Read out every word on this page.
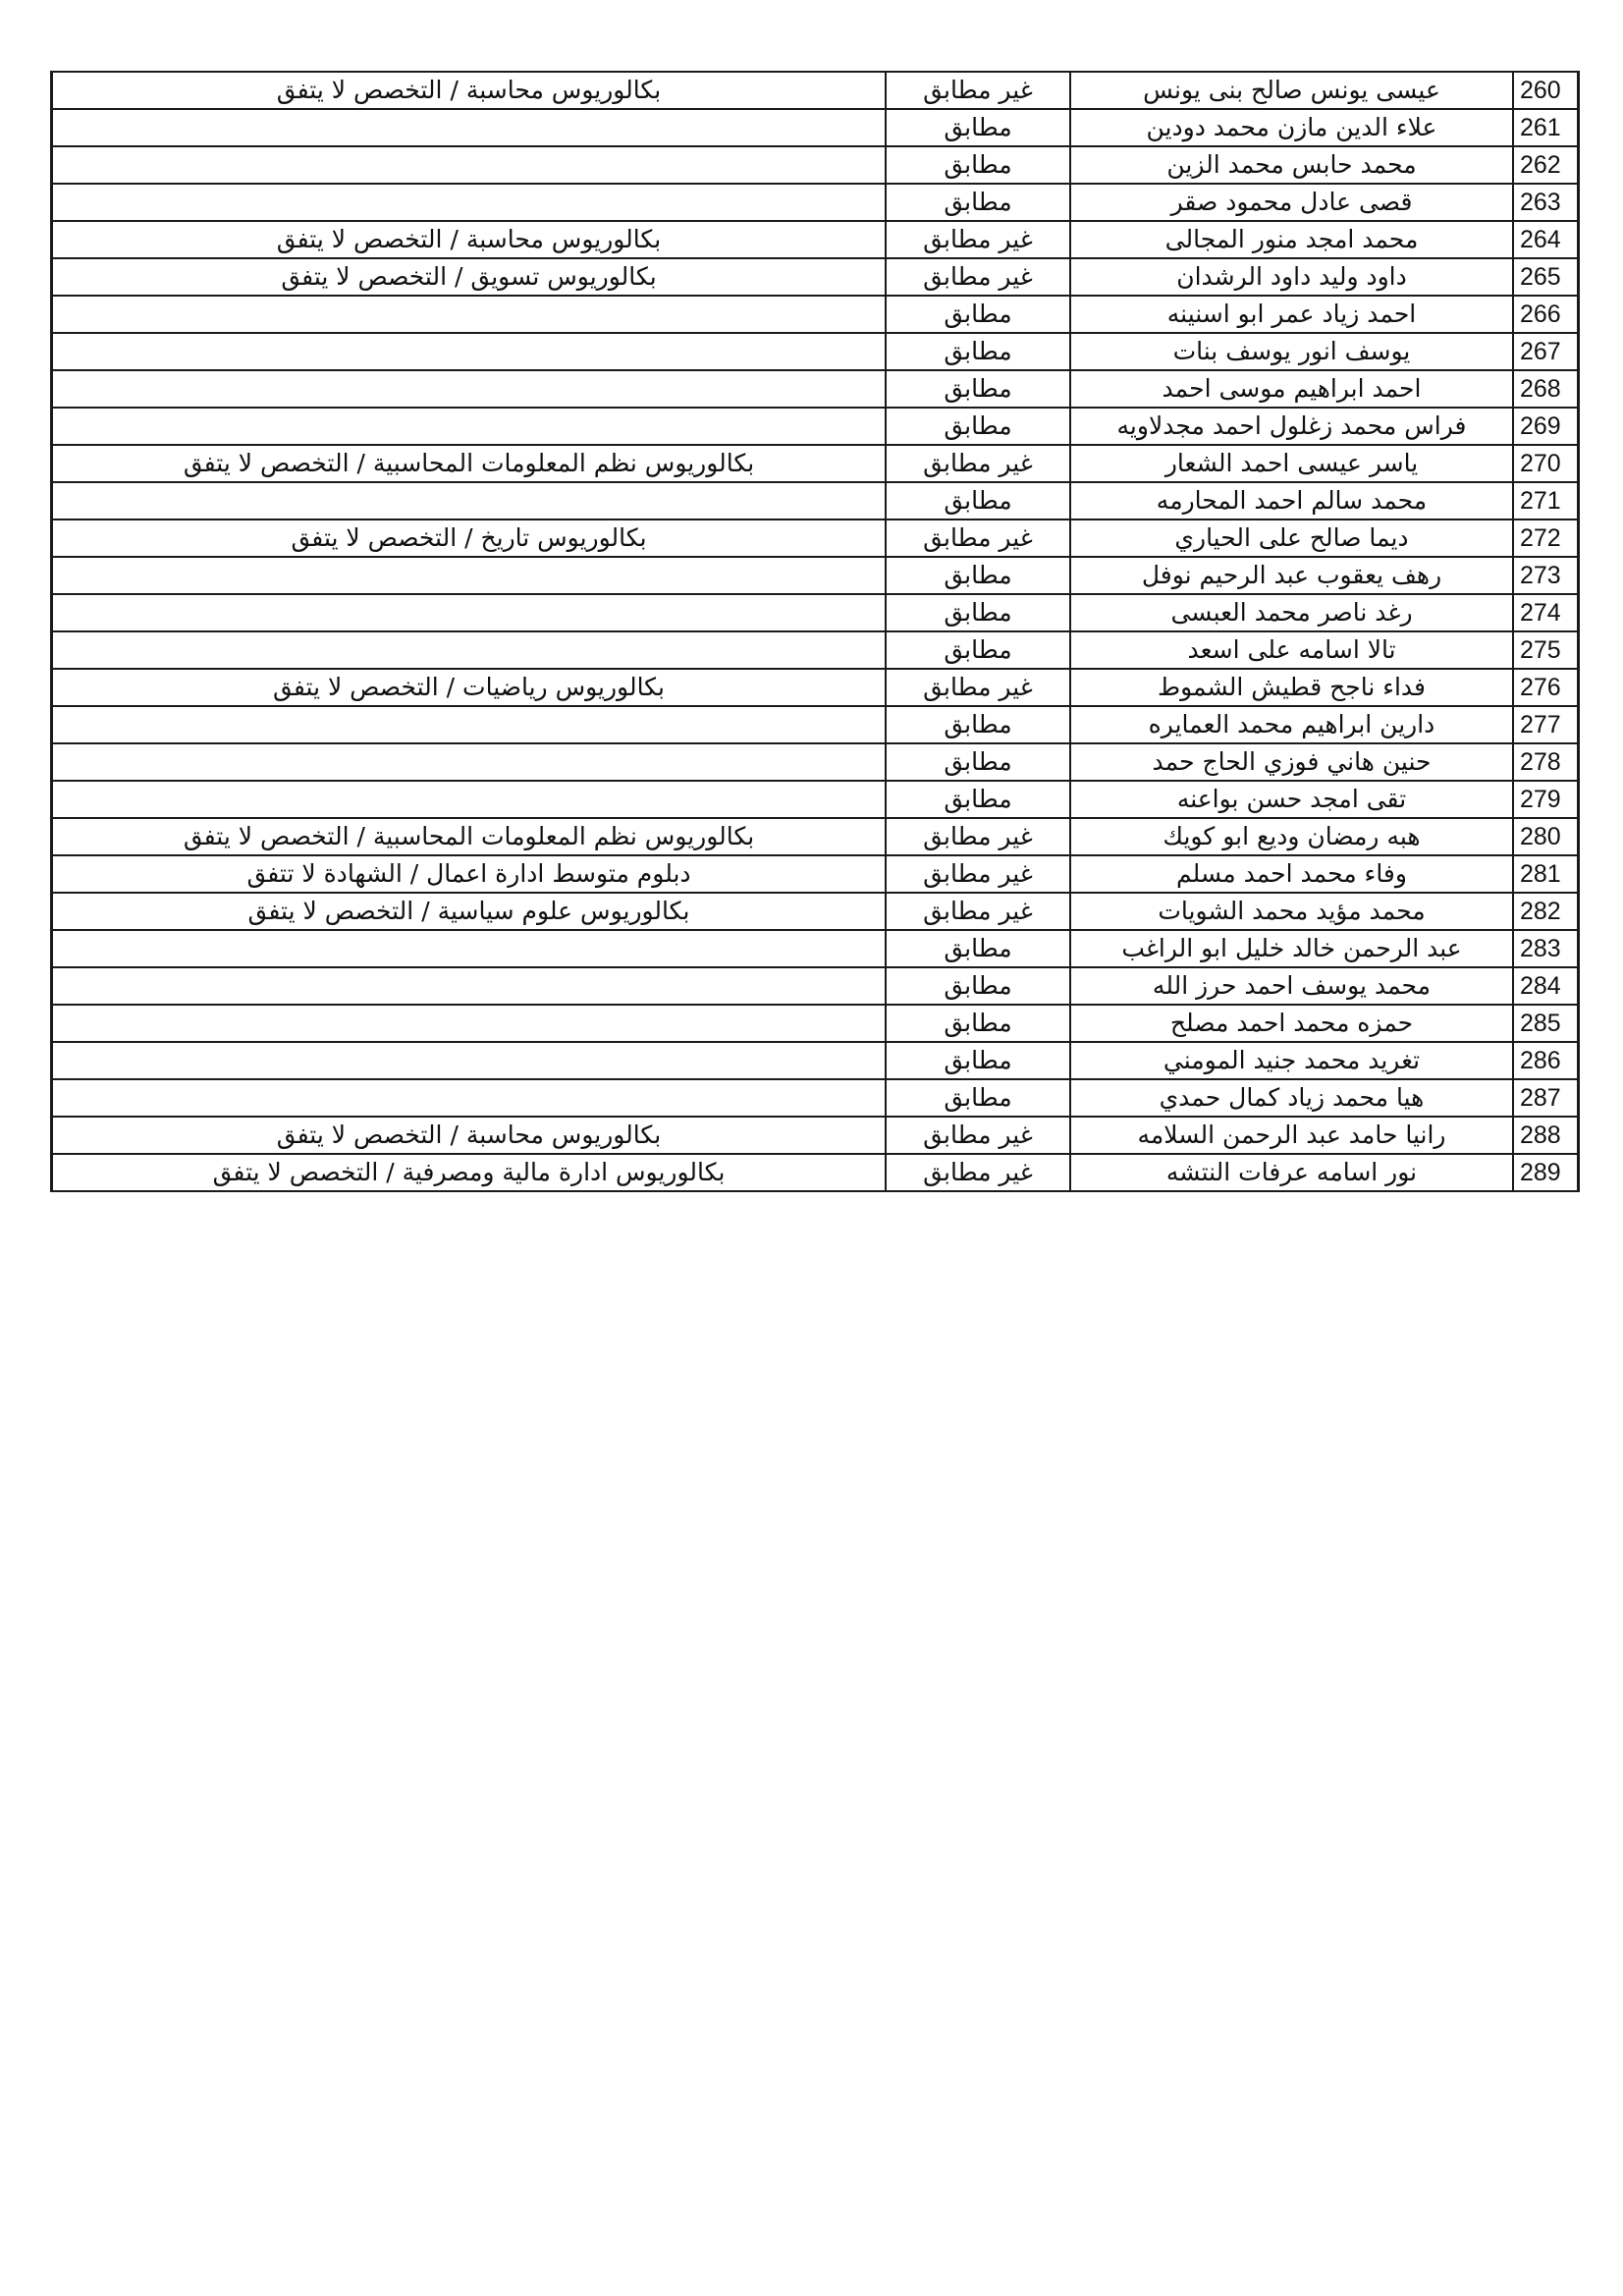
بكالوريوس محاسبة / التخصص لا يتفق	غير مطابق	عيسى يونس صالح بنى يونس	260
	مطابق	علاء الدين مازن محمد دودين	261
	مطابق	محمد حابس محمد الزين	262
	مطابق	قصى عادل محمود صقر	263
بكالوريوس محاسبة / التخصص لا يتفق	غير مطابق	محمد امجد منور المجالى	264
بكالوريوس تسويق / التخصص لا يتفق	غير مطابق	داود وليد داود الرشدان	265
	مطابق	احمد زياد عمر ابو اسنينه	266
	مطابق	يوسف انور يوسف بنات	267
	مطابق	احمد ابراهيم موسى احمد	268
	مطابق	فراس محمد زغلول احمد مجدلاويه	269
بكالوريوس نظم المعلومات المحاسبية / التخصص لا يتفق	غير مطابق	ياسر عيسى احمد الشعار	270
	مطابق	محمد سالم احمد المحارمه	271
بكالوريوس تاريخ / التخصص لا يتفق	غير مطابق	ديما صالح على الحياري	272
	مطابق	رهف يعقوب عبد الرحيم نوفل	273
	مطابق	رغد ناصر محمد العبسى	274
	مطابق	تالا اسامه على اسعد	275
بكالوريوس رياضيات / التخصص لا يتفق	غير مطابق	فداء ناجح قطيش الشموط	276
	مطابق	دارين ابراهيم محمد العمايره	277
	مطابق	حنين هاني فوزي الحاج حمد	278
	مطابق	تقى امجد حسن بواعنه	279
بكالوريوس نظم المعلومات المحاسبية / التخصص لا يتفق	غير مطابق	هبه رمضان وديع ابو كويك	280
دبلوم متوسط ادارة اعمال / الشهادة لا تتفق	غير مطابق	وفاء محمد احمد مسلم	281
بكالوريوس علوم سياسية / التخصص لا يتفق	غير مطابق	محمد مؤيد محمد الشويات	282
	مطابق	عبد الرحمن خالد خليل ابو الراغب	283
	مطابق	محمد يوسف احمد حرز الله	284
	مطابق	حمزه محمد احمد مصلح	285
	مطابق	تغريد محمد جنيد المومني	286
	مطابق	هيا محمد زياد كمال حمدي	287
بكالوريوس محاسبة / التخصص لا يتفق	غير مطابق	رانيا حامد عبد الرحمن السلامه	288
بكالوريوس ادارة مالية ومصرفية / التخصص لا يتفق	غير مطابق	نور اسامه عرفات النتشه	289
